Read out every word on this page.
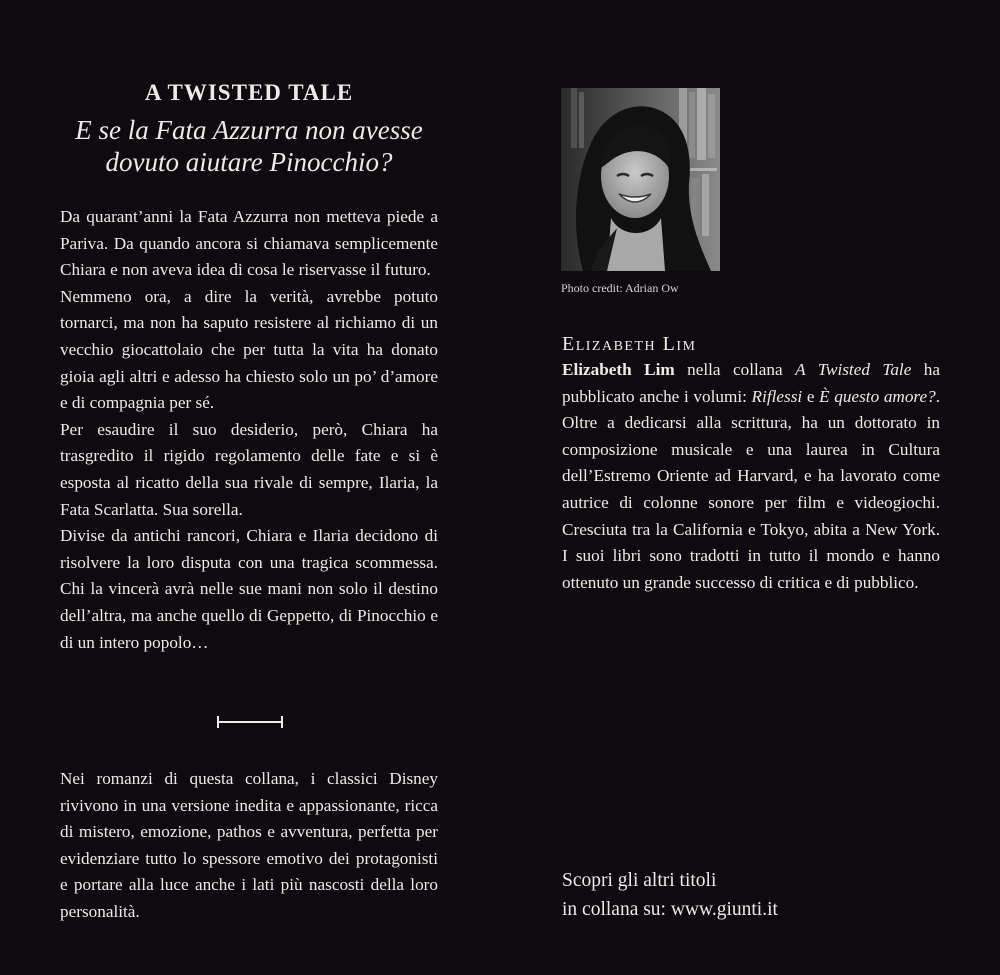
A TWISTED TALE
E se la Fata Azzurra non avesse
dovuto aiutare Pinocchio?

Da quarant’anni la Fata Azzurra non metteva piede a Pariva. Da quando ancora si chiamava semplicemente Chiara e non aveva idea di cosa le riservasse il futuro.

Nemmeno ora, a dire la verità, avrebbe potuto tornarci, ma non ha saputo resistere al richiamo di un vecchio giocattolaio che per tutta la vita ha donato gioia agli altri e adesso ha chiesto solo un po’ d’amore e di compagnia per sé.

Per esaudire il suo desiderio, però, Chiara ha trasgredito il rigido regolamento delle fate e si è esposta al ricatto della sua rivale di sempre, Ilaria, la Fata Scarlatta. Sua sorella.

Divise da antichi rancori, Chiara e Ilaria decidono di risolvere la loro disputa con una tragica scommessa. Chi la vincerà avrà nelle sue mani non solo il destino dell’altra, ma anche quello di Geppetto, di Pinocchio e di un intero popolo…

Nei romanzi di questa collana, i classici Disney rivivono in una versione inedita e appassionante, ricca di mistero, emozione, pathos e avventura, perfetta per evidenziare tutto lo spessore emotivo dei protagonisti e portare alla luce anche i lati più nascosti della loro personalità.
Photo credit: Adrian Ow
Elizabeth Lim

Elizabeth Lim nella collana A Twisted Tale ha pubblicato anche i volumi: Riflessi e È questo amore?. Oltre a dedicarsi alla scrittura, ha un dottorato in composizione musicale e una laurea in Cultura dell’Estremo Oriente ad Harvard, e ha lavorato come autrice di colonne sonore per film e videogiochi. Cresciuta tra la California e Tokyo, abita a New York. I suoi libri sono tradotti in tutto il mondo e hanno ottenuto un grande successo di critica e di pubblico.

Scopri gli altri titoli
in collana su: www.giunti.it
